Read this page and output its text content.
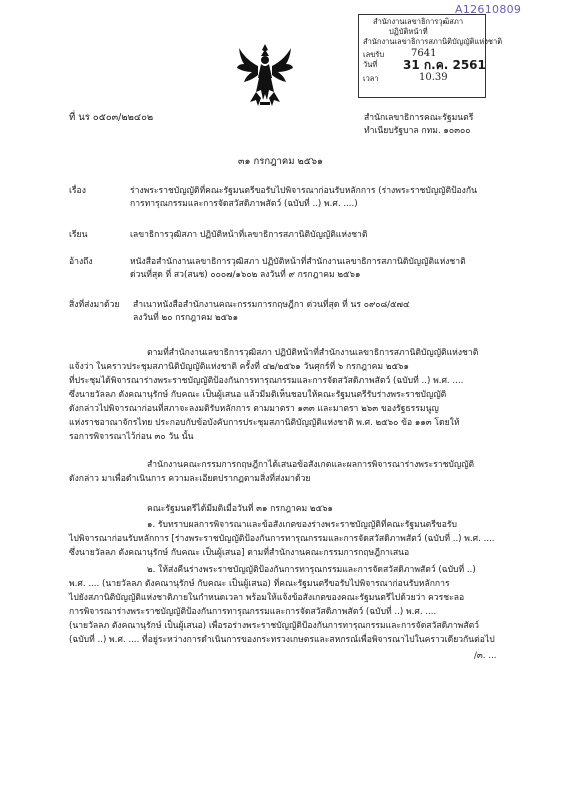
A12610809
สำนักงานเลขาธิการวุฒิสภา
ปฏิบัติหน้าที่
สำนักงานเลขาธิการสภานิติบัญญัติแห่งชาติ
เลขรับ	7641
วันที่ 31 ก.ค. 2561
เวลา	10.39
ที่ นร ๐๕๐๓/๒๒๔๐๒	สำนักเลขาธิการคณะรัฐมนตรี
ทำเนียบรัฐบาล กทม. ๑๐๓๐๐
๓๑ กรกฎาคม ๒๕๖๑
เรื่อง	ร่างพระราชบัญญัติที่คณะรัฐมนตรีขอรับไปพิจารณาก่อนรับหลักการ (ร่างพระราชบัญญัติป้องกัน
การทารุณกรรมและการจัดสวัสดิภาพสัตว์ (ฉบับที่ ..) พ.ศ. ....)
เรียน	เลขาธิการวุฒิสภา ปฏิบัติหน้าที่เลขาธิการสภานิติบัญญัติแห่งชาติ
อ้างถึง	หนังสือสำนักงานเลขาธิการวุฒิสภา ปฏิบัติหน้าที่สำนักงานเลขาธิการสภานิติบัญญัติแห่งชาติ
ด่วนที่สุด ที่ สว(สนช) ๐๐๐๗/๑๖๐๒ ลงวันที่ ๙ กรกฎาคม ๒๕๖๑
สิ่งที่ส่งมาด้วย สำเนาหนังสือสำนักงานคณะกรรมการกฤษฎีกา ด่วนที่สุด ที่ นร ๐๙๐๘/๕๗๔
ลงวันที่ ๒๐ กรกฎาคม ๒๕๖๑
ตามที่สำนักงานเลขาธิการวุฒิสภา ปฏิบัติหน้าที่สำนักงานเลขาธิการสภานิติบัญญัติแห่งชาติ
แจ้งว่า ในคราวประชุมสภานิติบัญญัติแห่งชาติ ครั้งที่ ๔๒/๒๕๖๑ วันศุกร์ที่ ๖ กรกฎาคม ๒๕๖๑
ที่ประชุมได้พิจารณาร่างพระราชบัญญัติป้องกันการทารุณกรรมและการจัดสวัสดิภาพสัตว์ (ฉบับที่ ..) พ.ศ. ....
ซึ่งนายวัลลภ ตังคณานุรักษ์ กับคณะ เป็นผู้เสนอ แล้วมีมติเห็นชอบให้คณะรัฐมนตรีรับร่างพระราชบัญญัติ
ดังกล่าวไปพิจารณาก่อนที่สภาจะลงมติรับหลักการ ตามมาตรา ๑๓๓ และมาตรา ๒๖๓ ของรัฐธรรมนูญ
แห่งราชอาณาจักรไทย ประกอบกับข้อบังคับการประชุมสภานิติบัญญัติแห่งชาติ พ.ศ. ๒๕๖๐ ข้อ ๑๑๓ โดยให้
รอการพิจารณาไว้ก่อน ๓๐ วัน นั้น
สำนักงานคณะกรรมการกฤษฎีกาได้เสนอข้อสังเกตและผลการพิจารณาร่างพระราชบัญญัติ
ดังกล่าว มาเพื่อดำเนินการ ความละเอียดปรากฏตามสิ่งที่ส่งมาด้วย
คณะรัฐมนตรีได้มีมติเมื่อวันที่ ๓๑ กรกฎาคม ๒๕๖๑
๑. รับทราบผลการพิจารณาและข้อสังเกตของร่างพระราชบัญญัติที่คณะรัฐมนตรีขอรับ
ไปพิจารณาก่อนรับหลักการ [ร่างพระราชบัญญัติป้องกันการทารุณกรรมและการจัดสวัสดิภาพสัตว์ (ฉบับที่ ..) พ.ศ. ....
ซึ่งนายวัลลภ ตังคณานุรักษ์ กับคณะ เป็นผู้เสนอ] ตามที่สำนักงานคณะกรรมการกฤษฎีกาเสนอ
๒. ให้ส่งคืนร่างพระราชบัญญัติป้องกันการทารุณกรรมและการจัดสวัสดิภาพสัตว์ (ฉบับที่ ..)
พ.ศ. .... (นายวัลลภ ตังคณานุรักษ์ กับคณะ เป็นผู้เสนอ) ที่คณะรัฐมนตรีขอรับไปพิจารณาก่อนรับหลักการ
ไปยังสภานิติบัญญัติแห่งชาติภายในกำหนดเวลา พร้อมให้แจ้งข้อสังเกตของคณะรัฐมนตรีไปด้วยว่า ควรชะลอ
การพิจารณาร่างพระราชบัญญัติป้องกันการทารุณกรรมและการจัดสวัสดิภาพสัตว์ (ฉบับที่ ..) พ.ศ. ....
(นายวัลลภ ตังคณานุรักษ์ เป็นผู้เสนอ) เพื่อรอร่างพระราชบัญญัติป้องกันการทารุณกรรมและการจัดสวัสดิภาพสัตว์
(ฉบับที่ ..) พ.ศ. .... ที่อยู่ระหว่างการดำเนินการของกระทรวงเกษตรและสหกรณ์เพื่อพิจารณาไปในคราวเดียวกันต่อไป
/๓. ...
